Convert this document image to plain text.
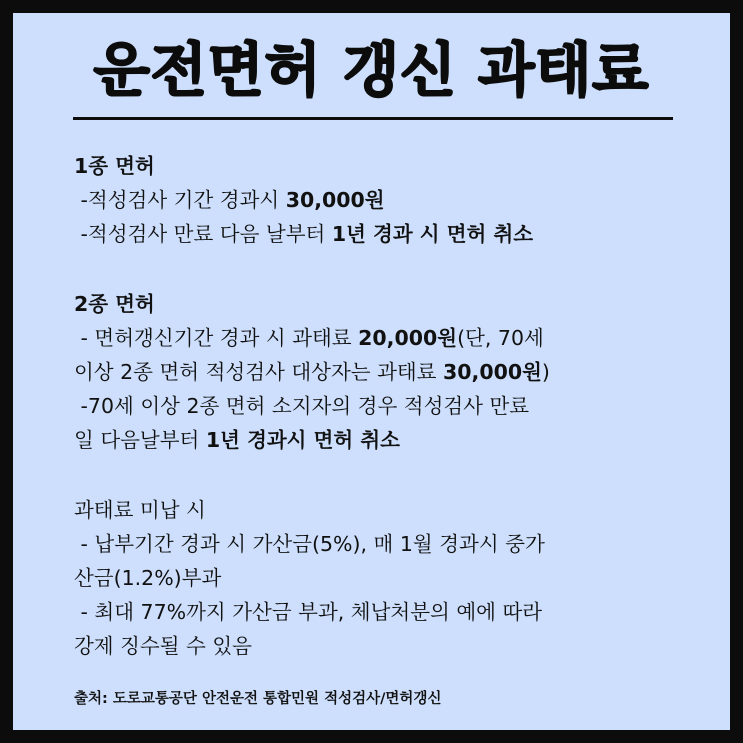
운전면허 갱신 과태료
1종 면허
-적성검사 기간 경과시 30,000원
-적성검사 만료 다음 날부터 1년 경과 시 면허 취소
2종 면허
- 면허갱신기간 경과 시 과태료 20,000원(단, 70세
이상 2종 면허 적성검사 대상자는 과태료 30,000원)
-70세 이상 2종 면허 소지자의 경우 적성검사 만료
일 다음날부터 1년 경과시 면허 취소
과태료 미납 시
- 납부기간 경과 시 가산금(5%), 매 1월 경과시 중가
산금(1.2%)부과
- 최대 77%까지 가산금 부과, 체납처분의 예에 따라
강제 징수될 수 있음
출처: 도로교통공단 안전운전 통합민원 적성검사/면허갱신
